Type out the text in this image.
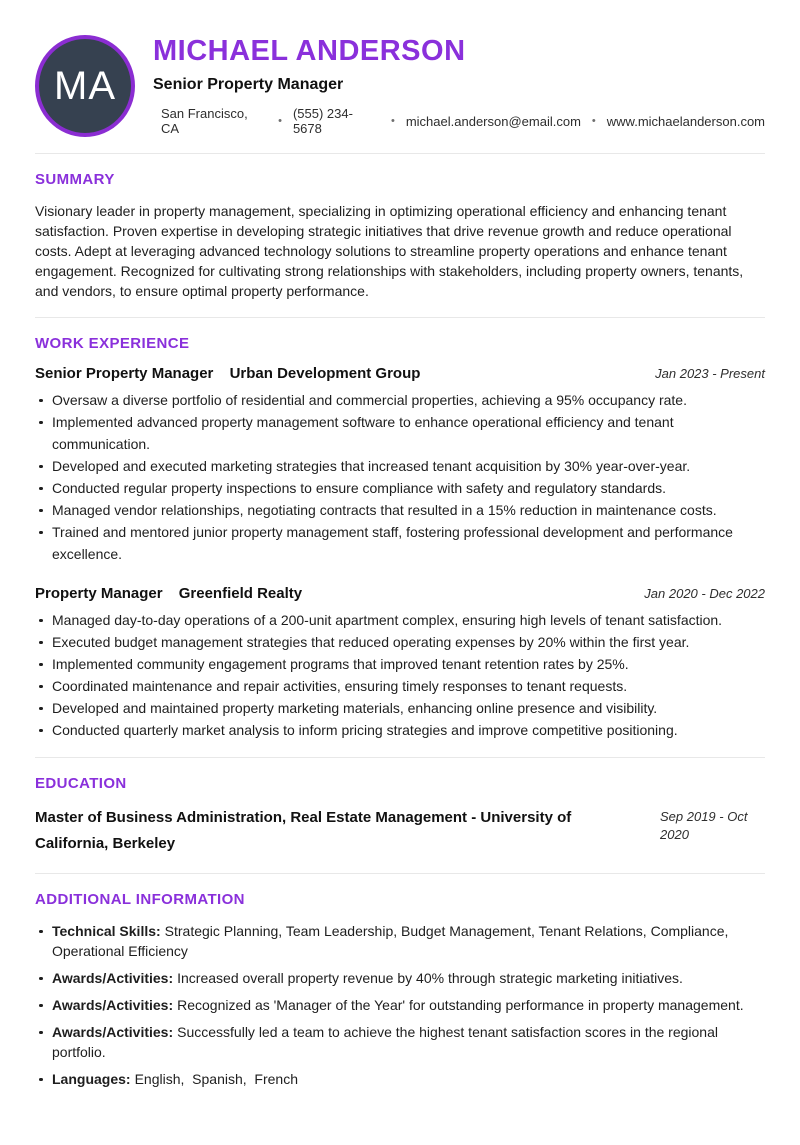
MA
MICHAEL ANDERSON
Senior Property Manager
San Francisco, CA
• (555) 234-5678
• michael.anderson@email.com • www.michaelanderson.com
SUMMARY

Visionary leader in property management, specializing in optimizing operational efficiency and enhancing tenant satisfaction. Proven expertise in developing strategic initiatives that drive revenue growth and reduce operational costs. Adept at leveraging advanced technology solutions to streamline property operations and enhance tenant engagement. Recognized for cultivating strong relationships with stakeholders, including property owners, tenants, and vendors, to ensure optimal property performance.

WORK EXPERIENCE
Senior Property Manager Urban Development Group	Jan 2023 - Present
Oversaw a diverse portfolio of residential and commercial properties, achieving a 95% occupancy rate.
Implemented advanced property management software to enhance operational efficiency and tenant communication.
Developed and executed marketing strategies that increased tenant acquisition by 30% year-over-year.
Conducted regular property inspections to ensure compliance with safety and regulatory standards.
Managed vendor relationships, negotiating contracts that resulted in a 15% reduction in maintenance costs.
Trained and mentored junior property management staff, fostering professional development and performance excellence.
Property Manager Greenfield Realty	Jan 2020 - Dec 2022
Managed day-to-day operations of a 200-unit apartment complex, ensuring high levels of tenant satisfaction.
Executed budget management strategies that reduced operating expenses by 20% within the first year.
Implemented community engagement programs that improved tenant retention rates by 25%.
Coordinated maintenance and repair activities, ensuring timely responses to tenant requests.
Developed and maintained property marketing materials, enhancing online presence and visibility.
Conducted quarterly market analysis to inform pricing strategies and improve competitive positioning.
EDUCATION
Master of Business Administration, Real Estate Management - University of California, Berkeley
Sep 2019 - Oct 2020
ADDITIONAL INFORMATION
Technical Skills: Strategic Planning, Team Leadership, Budget Management, Tenant Relations, Compliance, Operational Efficiency
Awards/Activities: Increased overall property revenue by 40% through strategic marketing initiatives.
Awards/Activities: Recognized as 'Manager of the Year' for outstanding performance in property management.
Awards/Activities: Successfully led a team to achieve the highest tenant satisfaction scores in the regional portfolio.
Languages: English,  Spanish,  French
